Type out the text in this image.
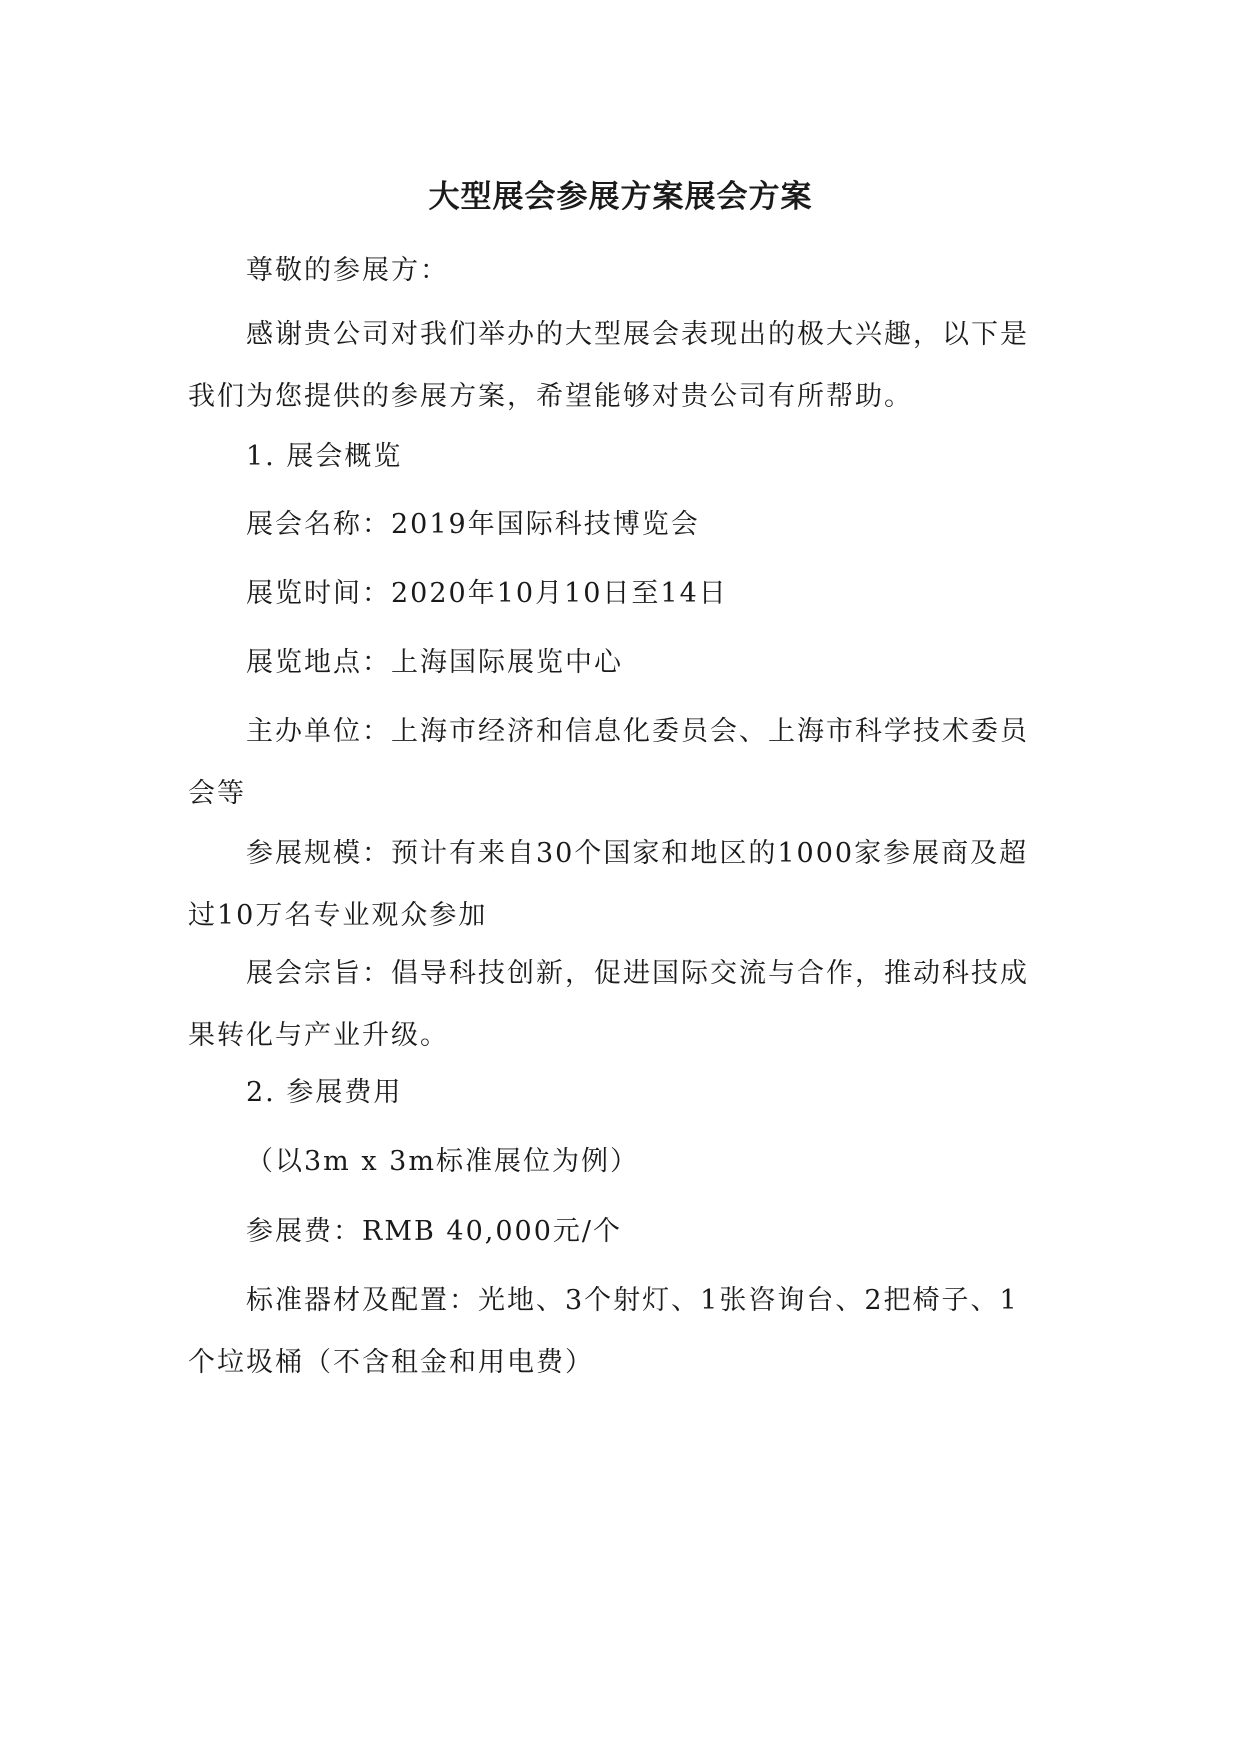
大型展会参展方案展会方案

尊敬的参展方：

感谢贵公司对我们举办的大型展会表现出的极大兴趣，以下是我们为您提供的参展方案，希望能够对贵公司有所帮助。

1. 展会概览

展会名称：2019年国际科技博览会

展览时间：2020年10月10日至14日

展览地点：上海国际展览中心

主办单位：上海市经济和信息化委员会、上海市科学技术委员会等

参展规模：预计有来自30个国家和地区的1000家参展商及超过10万名专业观众参加

展会宗旨：倡导科技创新，促进国际交流与合作，推动科技成果转化与产业升级。

2. 参展费用

（以3m x 3m标准展位为例）

参展费：RMB 40,000元/个

标准器材及配置：光地、3个射灯、1张咨询台、2把椅子、1个垃圾桶（不含租金和用电费）
